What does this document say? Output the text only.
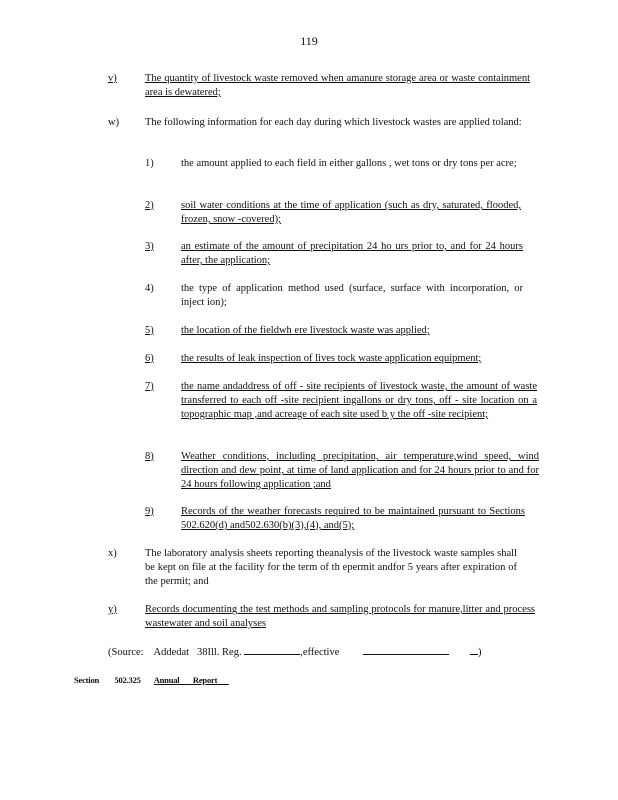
119
v)	The quantity of livestock waste removed when amanure storage area or waste containment area is dewatered;
w)	The following information for each day during which livestock wastes are applied toland:
1)	the amount applied to each field in either gallons , wet tons or dry tons per acre;
2)	soil water conditions at the time of application (such as dry, saturated, flooded, frozen, snow -covered);
3)	an estimate of the amount of precipitation 24 ho urs prior to, and for 24 hours after, the application;
4)	the type of application method used (surface, surface with incorporation, or inject ion);
5)	the location of the fieldwh ere livestock waste was applied;
6)	the results of leak inspection of lives tock waste application equipment;
7)	the name andaddress of off - site recipients of livestock waste, the amount of waste transferred to each off -site recipient ingallons or dry tons, off - site location on a topographic map ,and acreage of each site used b y the off -site recipient;
8)	Weather conditions, including precipitation, air temperature,wind speed, wind direction and dew point, at time of land application and for 24 hours prior to and for 24 hours following application ;and
9)	Records of the weather forecasts required to be maintained pursuant to Sections 502.620(d) and502.630(b)(3),(4), and(5);
x)	The laboratory analysis sheets reporting theanalysis of the livestock waste samples shall be kept on file at the facility for the term of th epermit andfor 5 years after expiration of the permit; and
y)	Records documenting the test methods and sampling protocols for manure,litter and process wastewater and soil analyses
(Source: Addedat 38Ill. Reg.	,effective	)
Section 502.325 Annual Report
